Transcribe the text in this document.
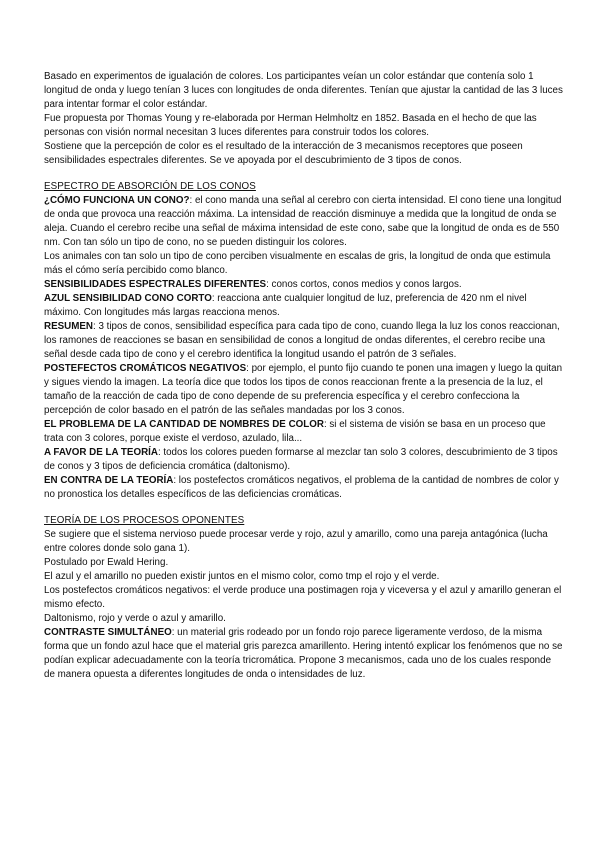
Basado en experimentos de igualación de colores. Los participantes veían un color estándar que contenía solo 1 longitud de onda y luego tenían 3 luces con longitudes de onda diferentes. Tenían que ajustar la cantidad de las 3 luces para intentar formar el color estándar.

Fue propuesta por Thomas Young y re-elaborada por Herman Helmholtz en 1852. Basada en el hecho de que las personas con visión normal necesitan 3 luces diferentes para construir todos los colores.

Sostiene que la percepción de color es el resultado de la interacción de 3 mecanismos receptores que poseen sensibilidades espectrales diferentes. Se ve apoyada por el descubrimiento de 3 tipos de conos.

ESPECTRO DE ABSORCIÓN DE LOS CONOS

¿CÓMO FUNCIONA UN CONO?: el cono manda una señal al cerebro con cierta intensidad. El cono tiene una longitud de onda que provoca una reacción máxima. La intensidad de reacción disminuye a medida que la longitud de onda se aleja. Cuando el cerebro recibe una señal de máxima intensidad de este cono, sabe que la longitud de onda es de 550 nm. Con tan sólo un tipo de cono, no se pueden distinguir los colores.

Los animales con tan solo un tipo de cono perciben visualmente en escalas de gris, la longitud de onda que estimula más el cómo sería percibido como blanco.

SENSIBILIDADES ESPECTRALES DIFERENTES: conos cortos, conos medios y conos largos.

AZUL SENSIBILIDAD CONO CORTO: reacciona ante cualquier longitud de luz, preferencia de 420 nm el nivel máximo. Con longitudes más largas reacciona menos.

RESUMEN: 3 tipos de conos, sensibilidad específica para cada tipo de cono, cuando llega la luz los conos reaccionan, los ramones de reacciones se basan en sensibilidad de conos a longitud de ondas diferentes, el cerebro recibe una señal desde cada tipo de cono y el cerebro identifica la longitud usando el patrón de 3 señales.

POSTEFECTOS CROMÁTICOS NEGATIVOS: por ejemplo, el punto fijo cuando te ponen una imagen y luego la quitan y sigues viendo la imagen. La teoría dice que todos los tipos de conos reaccionan frente a la presencia de la luz, el tamaño de la reacción de cada tipo de cono depende de su preferencia específica y el cerebro confecciona la percepción de color basado en el patrón de las señales mandadas por los 3 conos.

EL PROBLEMA DE LA CANTIDAD DE NOMBRES DE COLOR: si el sistema de visión se basa en un proceso que trata con 3 colores, porque existe el verdoso, azulado, lila...

A FAVOR DE LA TEORÍA: todos los colores pueden formarse al mezclar tan solo 3 colores, descubrimiento de 3 tipos de conos y 3 tipos de deficiencia cromática (daltonismo).

EN CONTRA DE LA TEORÍA: los postefectos cromáticos negativos, el problema de la cantidad de nombres de color y no pronostica los detalles específicos de las deficiencias cromáticas.

TEORÍA DE LOS PROCESOS OPONENTES

Se sugiere que el sistema nervioso puede procesar verde y rojo, azul y amarillo, como una pareja antagónica (lucha entre colores donde solo gana 1).

Postulado por Ewald Hering.

El azul y el amarillo no pueden existir juntos en el mismo color, como tmp el rojo y el verde.

Los postefectos cromáticos negativos: el verde produce una postimagen roja y viceversa y el azul y amarillo generan el mismo efecto.

Daltonismo, rojo y verde o azul y amarillo.

CONTRASTE SIMULTÁNEO: un material gris rodeado por un fondo rojo parece ligeramente verdoso, de la misma forma que un fondo azul hace que el material gris parezca amarillento. Hering intentó explicar los fenómenos que no se podían explicar adecuadamente con la teoría tricromática. Propone 3 mecanismos, cada uno de los cuales responde de manera opuesta a diferentes longitudes de onda o intensidades de luz.
